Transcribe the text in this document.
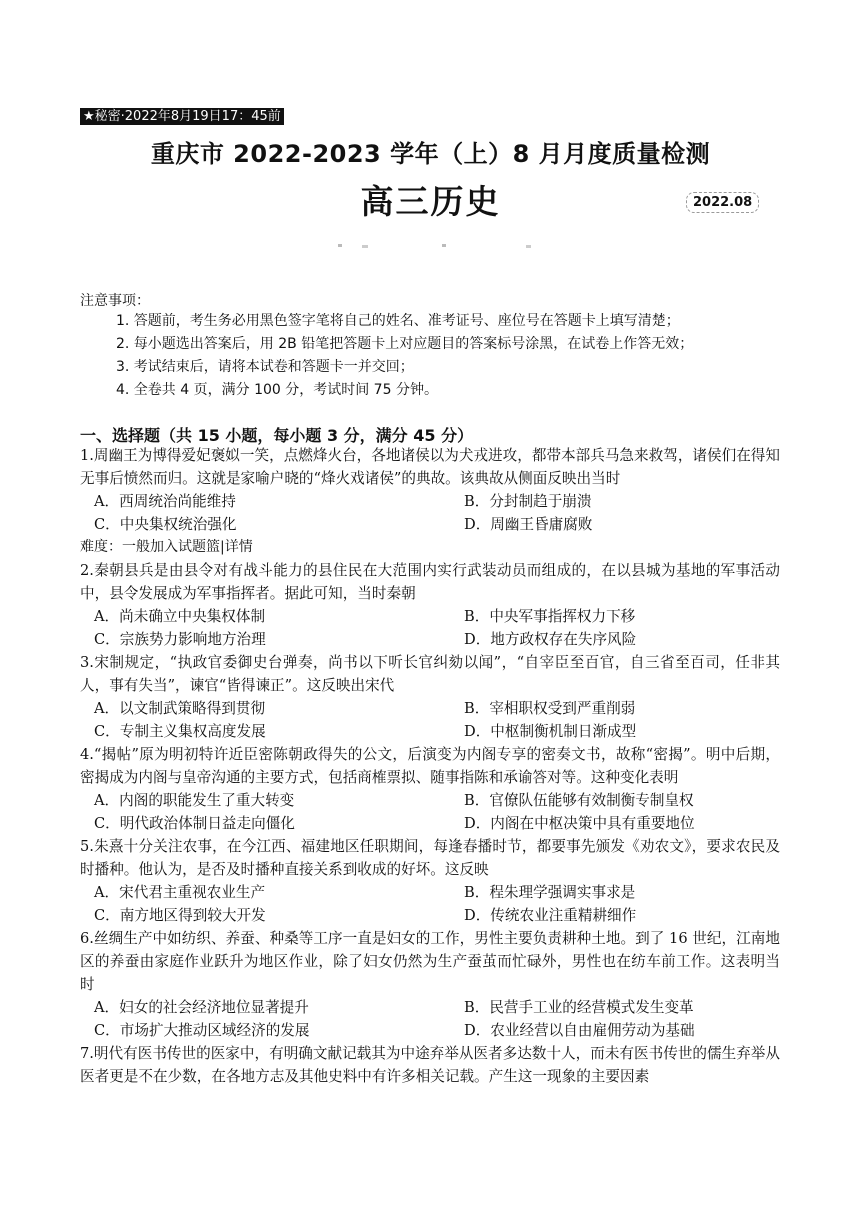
★秘密·2022年8月19日17：45前
重庆市 2022-2023 学年（上）8 月月度质量检测
高三历史	2022.08
注意事项：
1. 答题前，考生务必用黑色签字笔将自己的姓名、准考证号、座位号在答题卡上填写清楚；
2. 每小题选出答案后，用 2B 铅笔把答题卡上对应题目的答案标号涂黑，在试卷上作答无效；
3. 考试结束后，请将本试卷和答题卡一并交回；
4. 全卷共 4 页，满分 100 分，考试时间 75 分钟。
一、选择题（共 15 小题，每小题 3 分，满分 45 分）
1.周幽王为博得爱妃褒姒一笑，点燃烽火台，各地诸侯以为犬戎进攻，都带本部兵马急来救驾，诸侯们在得知无事后愤然而归。这就是家喻户晓的“烽火戏诸侯”的典故。该典故从侧面反映出当时
A．西周统治尚能维持	B．分封制趋于崩溃
C．中央集权统治强化	D．周幽王昏庸腐败
难度：一般加入试题篮|详情
2.秦朝县兵是由县令对有战斗能力的县住民在大范围内实行武装动员而组成的，在以县城为基地的军事活动中，县令发展成为军事指挥者。据此可知，当时秦朝
A．尚未确立中央集权体制	B．中央军事指挥权力下移
C．宗族势力影响地方治理	D．地方政权存在失序风险
3.宋制规定，“执政官委御史台弹奏，尚书以下听长官纠劾以闻”，“自宰臣至百官，自三省至百司，任非其人，事有失当”，谏官“皆得谏正”。这反映出宋代
A．以文制武策略得到贯彻	B．宰相职权受到严重削弱
C．专制主义集权高度发展	D．中枢制衡机制日渐成型
4.“揭帖”原为明初特许近臣密陈朝政得失的公文，后演变为内阁专享的密奏文书，故称“密揭”。明中后期，密揭成为内阁与皇帝沟通的主要方式，包括商榷票拟、随事指陈和承谕答对等。这种变化表明
A．内阁的职能发生了重大转变	B．官僚队伍能够有效制衡专制皇权
C．明代政治体制日益走向僵化	D．内阁在中枢决策中具有重要地位
5.朱熹十分关注农事，在今江西、福建地区任职期间，每逢春播时节，都要事先颁发《劝农文》，要求农民及时播种。他认为，是否及时播种直接关系到收成的好坏。这反映
A．宋代君主重视农业生产	B．程朱理学强调实事求是
C．南方地区得到较大开发	D．传统农业注重精耕细作
6.丝绸生产中如纺织、养蚕、种桑等工序一直是妇女的工作，男性主要负责耕种土地。到了 16 世纪，江南地区的养蚕由家庭作业跃升为地区作业，除了妇女仍然为生产蚕茧而忙碌外，男性也在纺车前工作。这表明当时
A．妇女的社会经济地位显著提升	B．民营手工业的经营模式发生变革
C．市场扩大推动区域经济的发展	D．农业经营以自由雇佣劳动为基础
7.明代有医书传世的医家中，有明确文献记载其为中途弃举从医者多达数十人，而未有医书传世的儒生弃举从医者更是不在少数，在各地方志及其他史料中有许多相关记载。产生这一现象的主要因素
